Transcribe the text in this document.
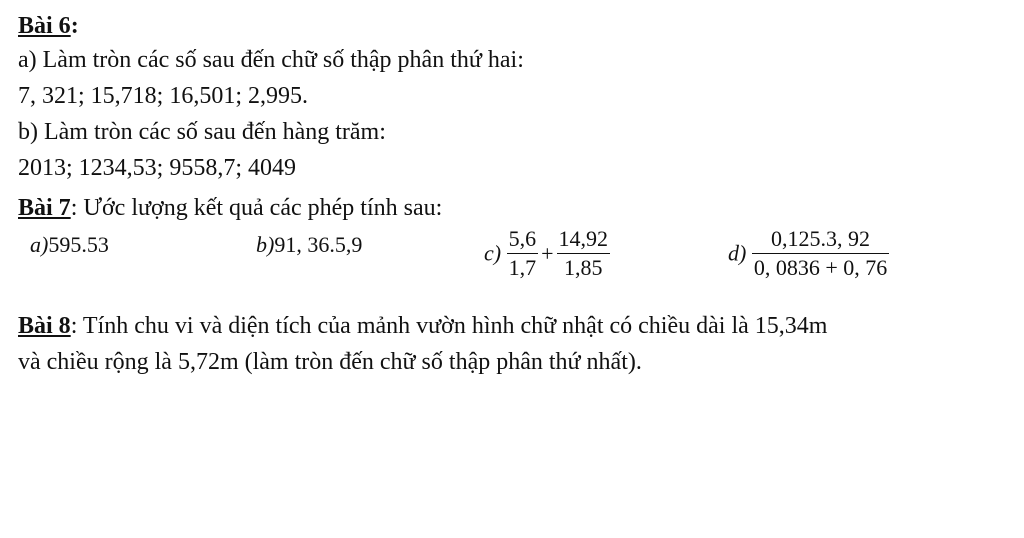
Bài 6:
a) Làm tròn các số sau đến chữ số thập phân thứ hai:
7, 321; 15,718; 16,501; 2,995.
b) Làm tròn các số sau đến hàng trăm:
2013; 1234,53; 9558,7; 4049
Bài 7: Ước lượng kết quả các phép tính sau:
a)595.53	b)91, 36.5,9	$c) \frac{5,6}{1,7} + \frac{14,92}{1,85}$	$d) \frac{0,125.3, 92}{0, 0836 + 0, 76}$
Bài 8: Tính chu vi và diện tích của mảnh vườn hình chữ nhật có chiều dài là 15,34m
và chiều rộng là 5,72m (làm tròn đến chữ số thập phân thứ nhất).
